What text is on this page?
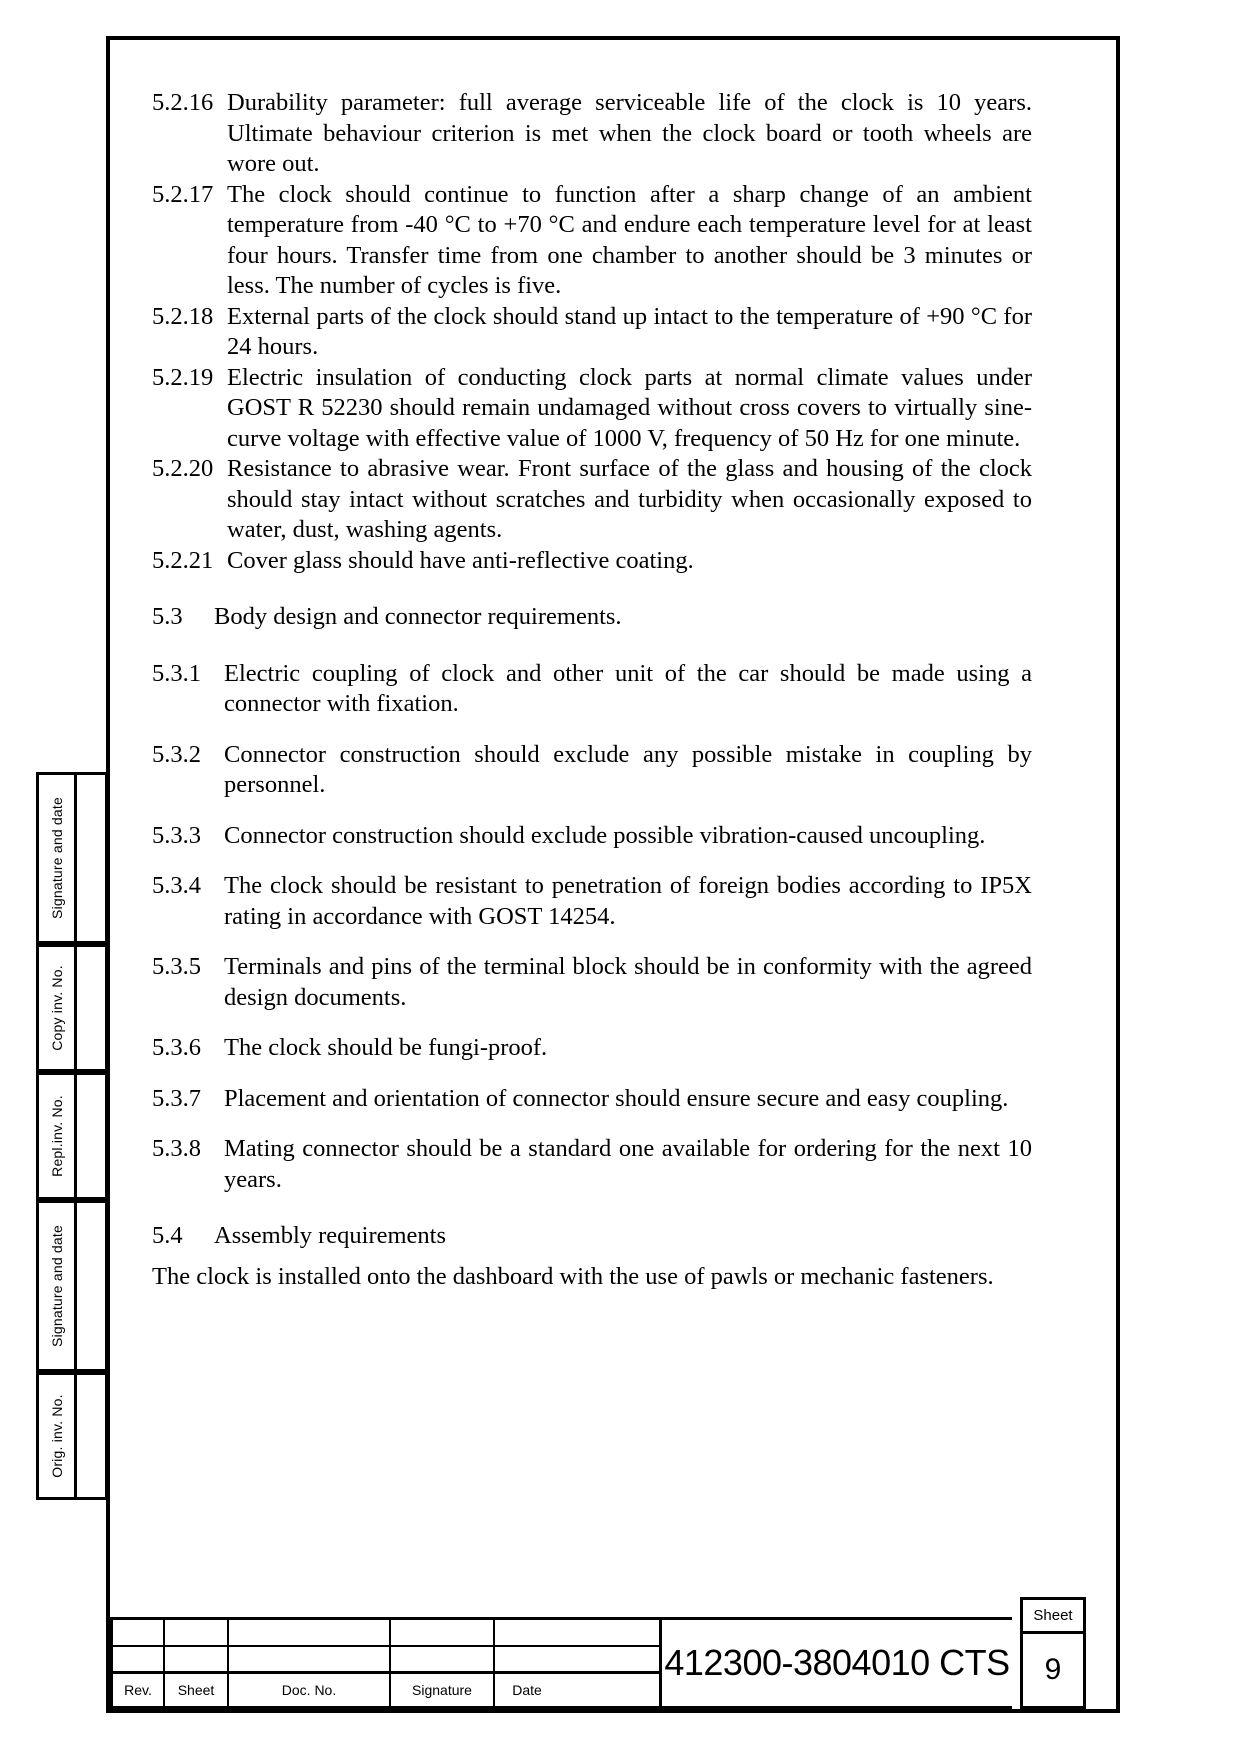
Signature and date
Copy inv. No.
Repl.inv. No.
Signature and date
Orig. inv. No.
5.2.16 Durability parameter: full average serviceable life of the clock is 10 years. Ultimate behaviour criterion is met when the clock board or tooth wheels are wore out.
5.2.17 The clock should continue to function after a sharp change of an ambient temperature from -40 °C to +70 °C and endure each temperature level for at least four hours. Transfer time from one chamber to another should be 3 minutes or less. The number of cycles is five.
5.2.18 External parts of the clock should stand up intact to the temperature of +90 °C for 24 hours.
5.2.19 Electric insulation of conducting clock parts at normal climate values under GOST R 52230 should remain undamaged without cross covers to virtually sine-curve voltage with effective value of 1000 V, frequency of 50 Hz for one minute.
5.2.20 Resistance to abrasive wear. Front surface of the glass and housing of the clock should stay intact without scratches and turbidity when occasionally exposed to water, dust, washing agents.
5.2.21 Cover glass should have anti-reflective coating.
5.3	Body design and connector requirements.
5.3.1 Electric coupling of clock and other unit of the car should be made using a connector with fixation.
5.3.2 Connector construction should exclude any possible mistake in coupling by personnel.
5.3.3 Connector construction should exclude possible vibration-caused uncoupling.
5.3.4 The clock should be resistant to penetration of foreign bodies according to IP5X rating in accordance with GOST 14254.
5.3.5 Terminals and pins of the terminal block should be in conformity with the agreed design documents.
5.3.6 The clock should be fungi-proof.
5.3.7 Placement and orientation of connector should ensure secure and easy coupling.
5.3.8 Mating connector should be a standard one available for ordering for the next 10 years.
5.4	Assembly requirements

The clock is installed onto the dashboard with the use of pawls or mechanic fasteners.

Rev.	Sheet	Doc. No.	Signature	Date
412300-3804010 CTS
Sheet
9
